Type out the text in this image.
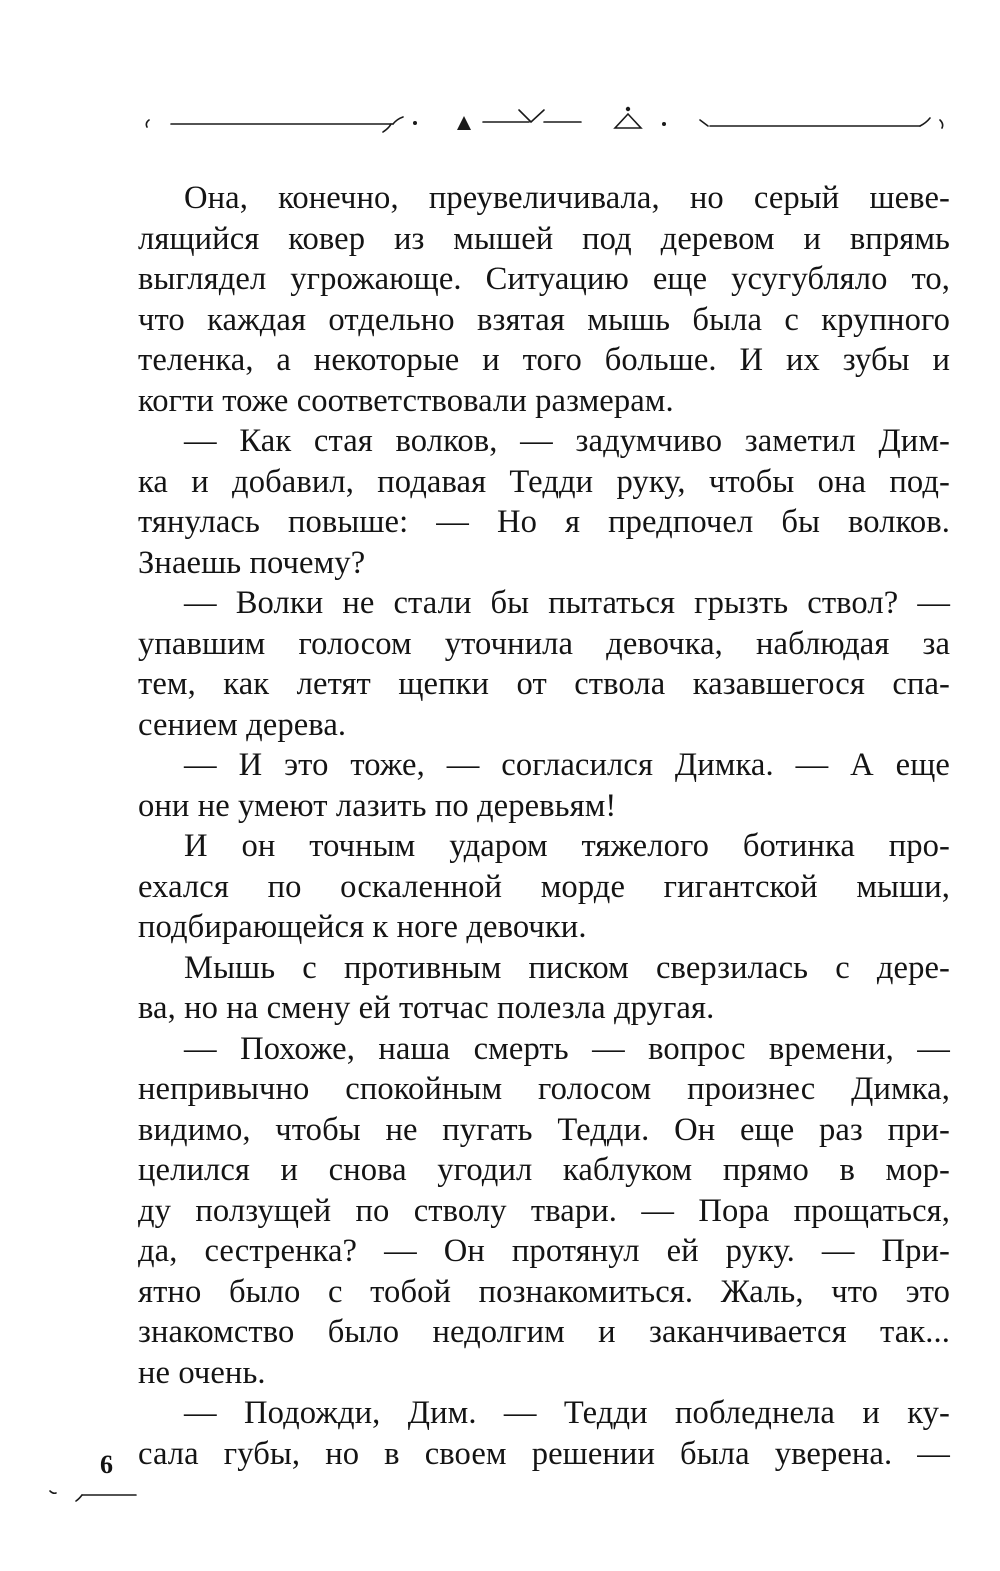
Она, конечно, преувеличивала, но серый шеве-
лящийся ковер из мышей под деревом и впрямь
выглядел угрожающе. Ситуацию еще усугубляло то,
что каждая отдельно взятая мышь была с крупного
теленка, а некоторые и того больше. И их зубы и
когти тоже соответствовали размерам.
— Как стая волков, — задумчиво заметил Дим-
ка и добавил, подавая Тедди руку, чтобы она под-
тянулась повыше: — Но я предпочел бы волков.
Знаешь почему?
— Волки не стали бы пытаться грызть ствол? —
упавшим голосом уточнила девочка, наблюдая за
тем, как летят щепки от ствола казавшегося спа-
сением дерева.
— И это тоже, — согласился Димка. — А еще
они не умеют лазить по деревьям!
И он точным ударом тяжелого ботинка про-
ехался по оскаленной морде гигантской мыши,
подбирающейся к ноге девочки.
Мышь с противным писком сверзилась с дере-
ва, но на смену ей тотчас полезла другая.
— Похоже, наша смерть — вопрос времени, —
непривычно спокойным голосом произнес Димка,
видимо, чтобы не пугать Тедди. Он еще раз при-
целился и снова угодил каблуком прямо в мор-
ду ползущей по стволу твари. — Пора прощаться,
да, сестренка? — Он протянул ей руку. — При-
ятно было с тобой познакомиться. Жаль, что это
знакомство было недолгим и заканчивается так...
не очень.
— Подожди, Дим. — Тедди побледнела и ку-
сала губы, но в своем решении была уверена. —
6
